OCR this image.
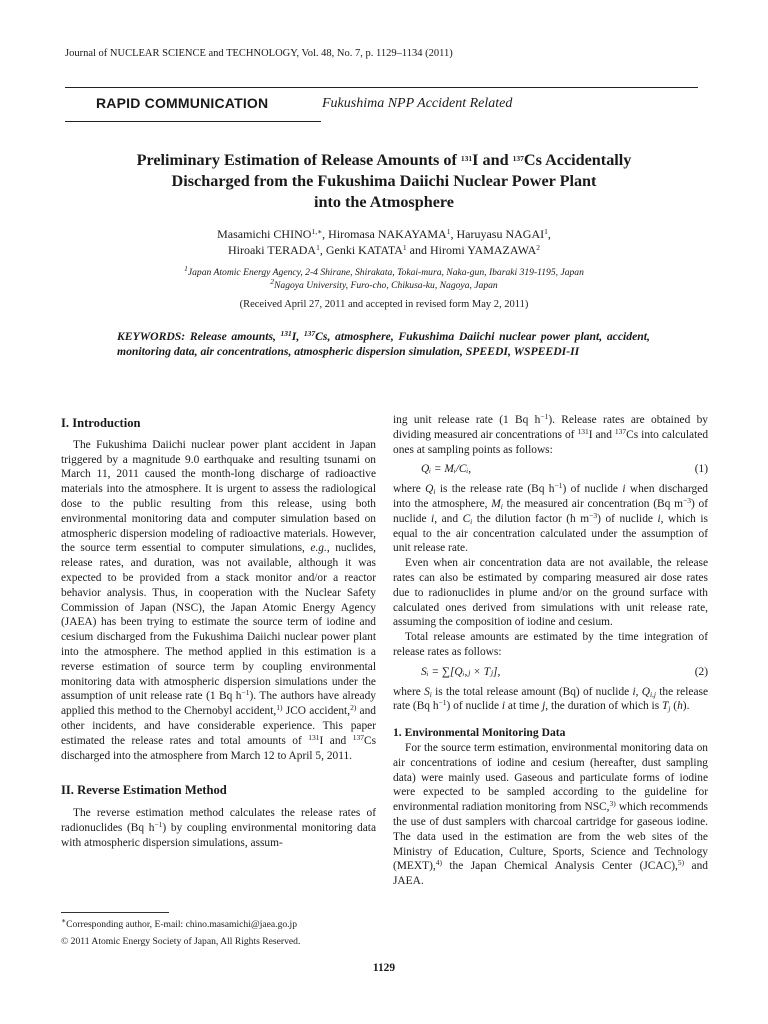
Journal of NUCLEAR SCIENCE and TECHNOLOGY, Vol. 48, No. 7, p. 1129–1134 (2011)
RAPID COMMUNICATION	Fukushima NPP Accident Related
Preliminary Estimation of Release Amounts of $^{131}$I and $^{137}$Cs Accidentally
Discharged from the Fukushima Daiichi Nuclear Power Plant
into the Atmosphere
Masamichi $CHINO^{1,∗}$, Hiromasa NAKAYAMA$^1$, Haruyasu NAGAI$^1$,
Hiroaki TERADA$^1$, Genki KATATA$^1$ and Hiromi YAMAZAWA$^2$
$^1$Japan Atomic Energy Agency, 2-4 Shirane, Shirakata, Tokai-mura, Naka-gun, Ibaraki 319-1195, Japan
$^2$Nagoya University, Furo-cho, Chikusa-ku, Nagoya, Japan
(Received April 27, 2011 and accepted in revised form May 2, 2011)
KEYWORDS: Release amounts, $^{131}$I, $^{137}$Cs, atmosphere, Fukushima Daiichi nuclear power plant, accident, monitoring data, air concentrations, atmospheric dispersion simulation, SPEEDI, WSPEEDI-II
I. Introduction

The Fukushima Daiichi nuclear power plant accident in Japan triggered by a magnitude 9.0 earthquake and resulting tsunami on March 11, 2011 caused the month-long discharge of radioactive materials into the atmosphere. It is urgent to assess the radiological dose to the public resulting from this release, using both environmental monitoring data and computer simulation based on atmospheric dispersion modeling of radioactive materials. However, the source term essential to computer simulations, e.g., nuclides, release rates, and duration, was not available, although it was expected to be provided from a stack monitor and/or a reactor behavior analysis. Thus, in cooperation with the Nuclear Safety Commission of Japan (NSC), the Japan Atomic Energy Agency (JAEA) has been trying to estimate the source term of iodine and cesium discharged from the Fukushima Daiichi nuclear power plant into the atmosphere. The method applied in this estimation is a reverse estimation of source term by coupling environmental monitoring data with atmospheric dispersion simulations under the assumption of unit release rate (1 Bq $h^{-1}$). The authors have already applied this method to the Chernobyl accident,$^{1)}$ JCO accident,$^{2)}$ and other incidents, and have considerable experience. This paper estimated the release rates and total amounts of $^{131}$I and $^{137}$Cs discharged into the atmosphere from March 12 to April 5, 2011.

II. Reverse Estimation Method

The reverse estimation method calculates the release rates of radionuclides (Bq $h^{-1}$) by coupling environmental monitoring data with atmospheric dispersion simulations, assum-

ing unit release rate (1 Bq $h^{-1}$). Release rates are obtained by dividing measured air concentrations of $^{131}$I and $^{137}$Cs into calculated ones at sampling points as follows:

Qᵢ = Mᵢ/Cᵢ,	(1)

where $Q_i$ is the release rate (Bq $h^{-1}$) of nuclide i when discharged into the atmosphere, $M_i$ the measured air concentration (Bq $m^{-3}$) of nuclide i, and $C_i$ the dilution factor (h $m^{-3}$) of nuclide i, which is equal to the air concentration calculated under the assumption of unit release rate.

Even when air concentration data are not available, the release rates can also be estimated by comparing measured air dose rates due to radionuclides in plume and/or on the ground surface with calculated ones derived from simulations with unit release rate, assuming the composition of iodine and cesium.

Total release amounts are estimated by the time integration of release rates as follows:

Sᵢ = ∑[Qᵢ,ⱼ × Tⱼ],	(2)

where $S_i$ is the total release amount (Bq) of nuclide i, $Q_{i,j}$ the release rate (Bq $h^{-1}$) of nuclide i at time j, the duration of which is $T_j$ (h).

1. Environmental Monitoring Data

For the source term estimation, environmental monitoring data on air concentrations of iodine and cesium (hereafter, dust sampling data) were mainly used. Gaseous and particulate forms of iodine were expected to be sampled according to the guideline for environmental radiation monitoring from NSC,$^{3)}$ which recommends the use of dust samplers with charcoal cartridge for gaseous iodine. The data used in the estimation are from the web sites of the Ministry of Education, Culture, Sports, Science and Technology (MEXT),$^{4)}$ the Japan Chemical Analysis Center (JCAC),$^{5)}$ and JAEA.

∗Corresponding author, E-mail: chino.masamichi@jaea.go.jp
© 2011 Atomic Energy Society of Japan, All Rights Reserved.
1129
